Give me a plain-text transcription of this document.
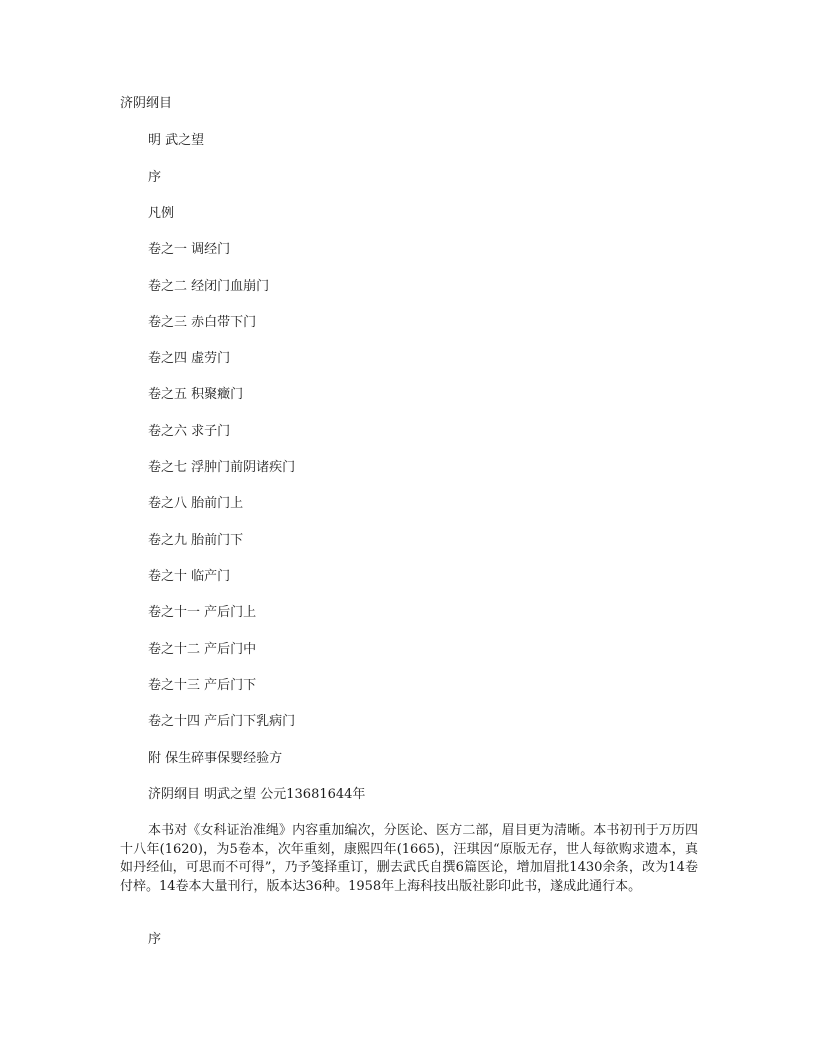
济阴纲目
明 武之望
序
凡例
卷之一 调经门
卷之二 经闭门血崩门
卷之三 赤白带下门
卷之四 虚劳门
卷之五 积聚癥门
卷之六 求子门
卷之七 浮肿门前阴诸疾门
卷之八 胎前门上
卷之九 胎前门下
卷之十 临产门
卷之十一 产后门上
卷之十二 产后门中
卷之十三 产后门下
卷之十四 产后门下乳病门
附 保生碎事保婴经验方
济阴纲目 明武之望 公元13681644年
本书对《女科证治准绳》内容重加编次，分医论、医方二部，眉目更为清晰。本书初刊于万历四十八年(1620)，为5卷本，次年重刻，康熙四年(1665)，汪琪因“原版无存，世人每欲购求遗本，真如丹经仙，可思而不可得”，乃予笺择重订，删去武氏自撰6篇医论，增加眉批1430余条，改为14卷付梓。14卷本大量刊行，版本达36种。1958年上海科技出版社影印此书，遂成此通行本。
序
